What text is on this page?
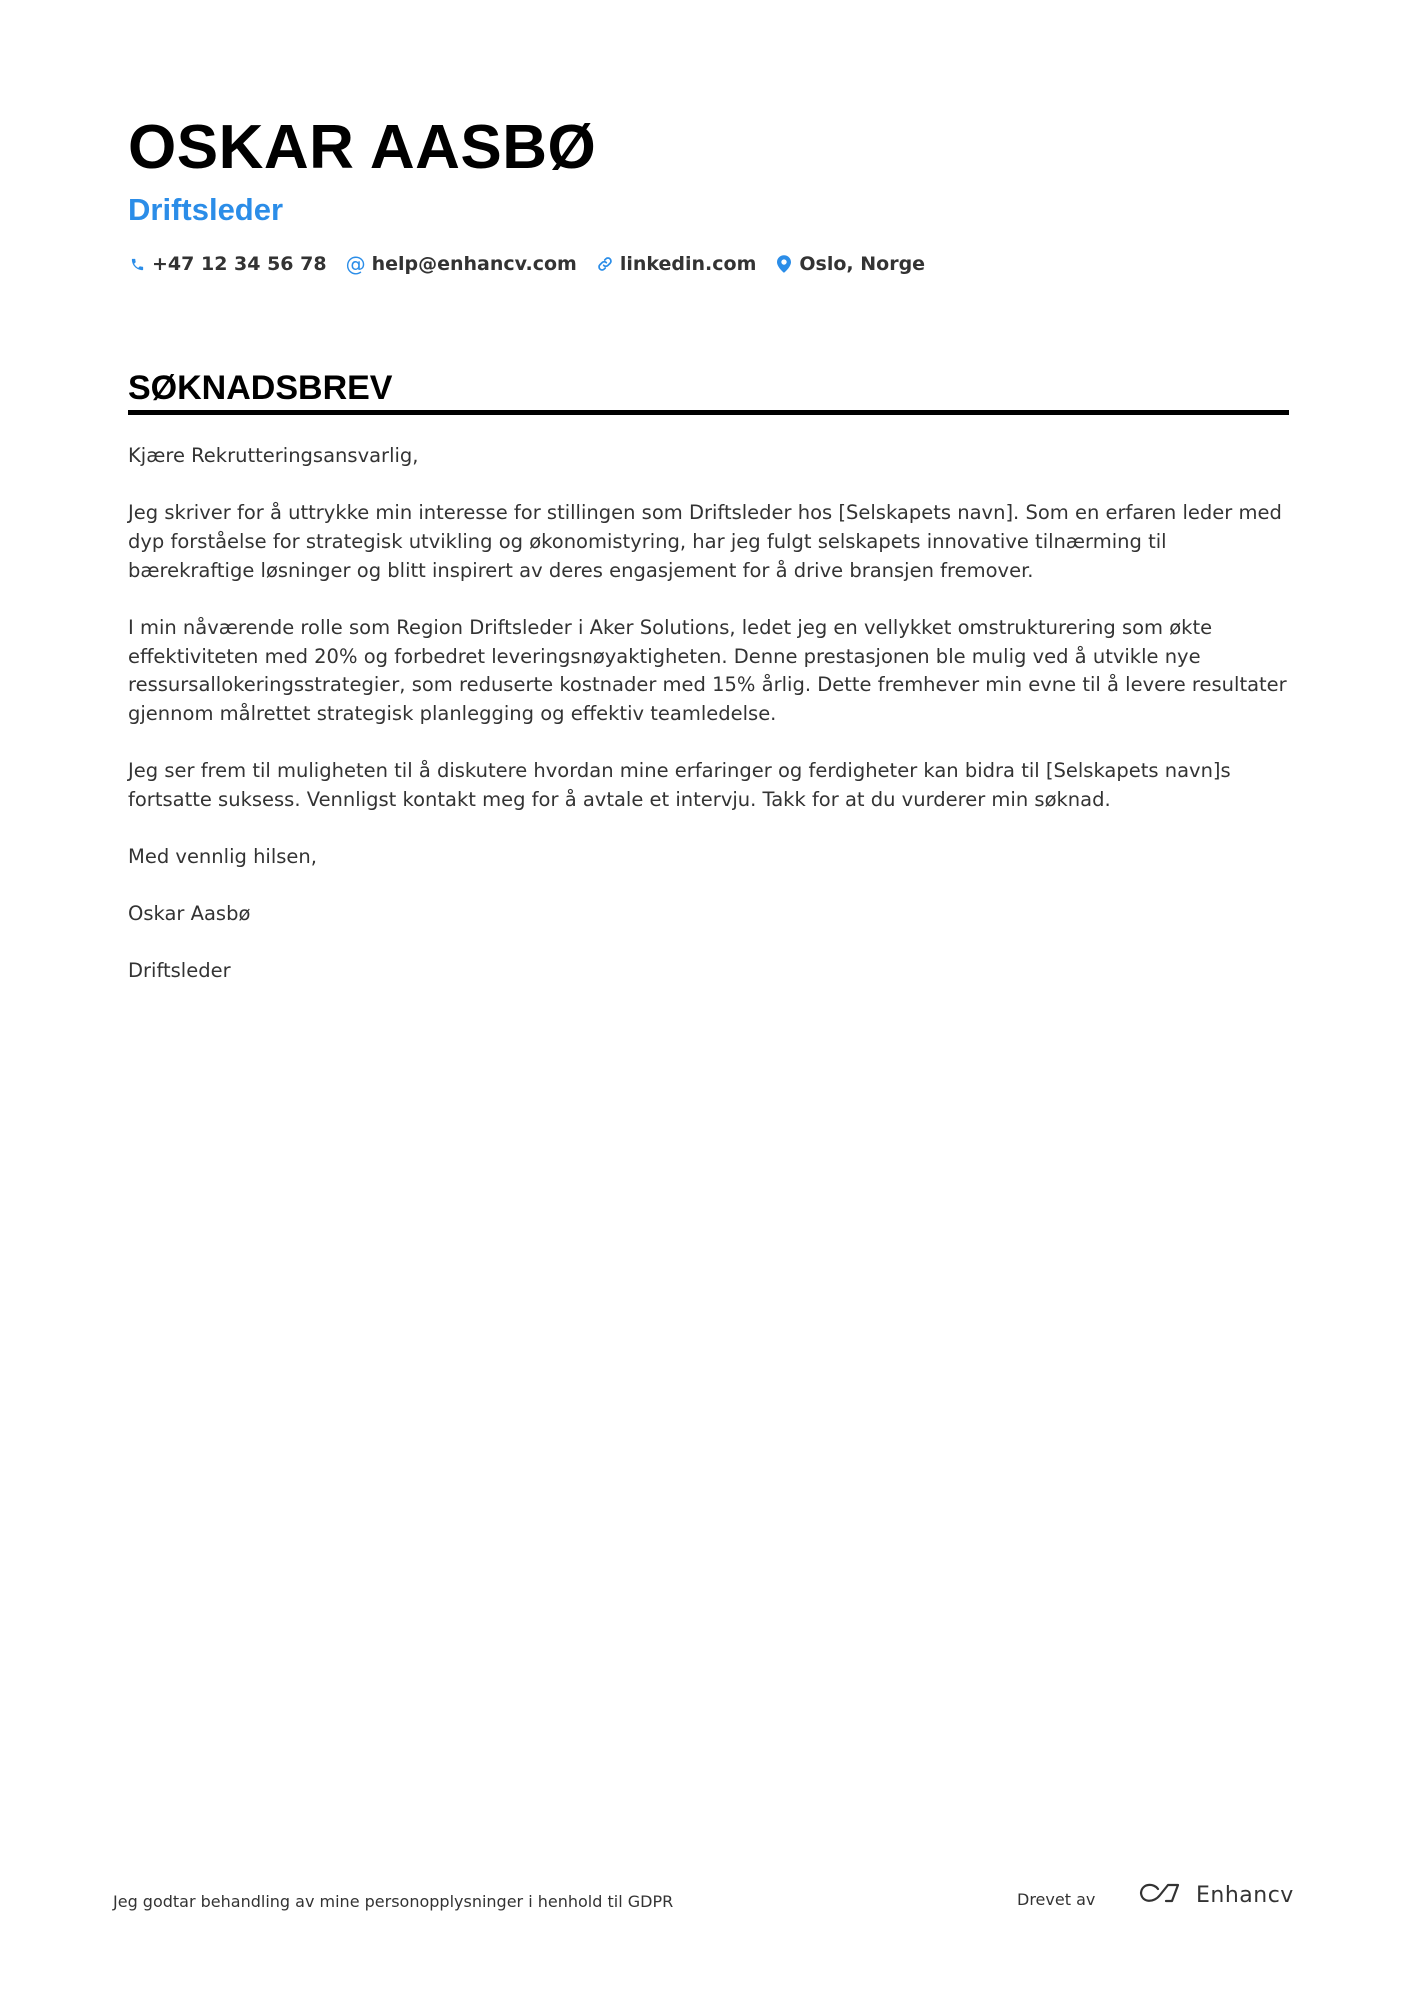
OSKAR AASBØ
Driftsleder
+47 12 34 56 78 @ help@enhancv.com linkedin.com Oslo, Norge
SØKNADSBREV

Kjære Rekrutteringsansvarlig,

Jeg skriver for å uttrykke min interesse for stillingen som Driftsleder hos [Selskapets navn]. Som en erfaren leder med dyp forståelse for strategisk utvikling og økonomistyring, har jeg fulgt selskapets innovative tilnærming til bærekraftige løsninger og blitt inspirert av deres engasjement for å drive bransjen fremover.

I min nåværende rolle som Region Driftsleder i Aker Solutions, ledet jeg en vellykket omstrukturering som økte effektiviteten med 20% og forbedret leveringsnøyaktigheten. Denne prestasjonen ble mulig ved å utvikle nye ressursallokeringsstrategier, som reduserte kostnader med 15% årlig. Dette fremhever min evne til å levere resultater gjennom målrettet strategisk planlegging og effektiv teamledelse.

Jeg ser frem til muligheten til å diskutere hvordan mine erfaringer og ferdigheter kan bidra til [Selskapets navn]s fortsatte suksess. Vennligst kontakt meg for å avtale et intervju. Takk for at du vurderer min søknad.

Med vennlig hilsen,

Oskar Aasbø

Driftsleder

Jeg godtar behandling av mine personopplysninger i henhold til GDPR	Drevet av	Enhancv
